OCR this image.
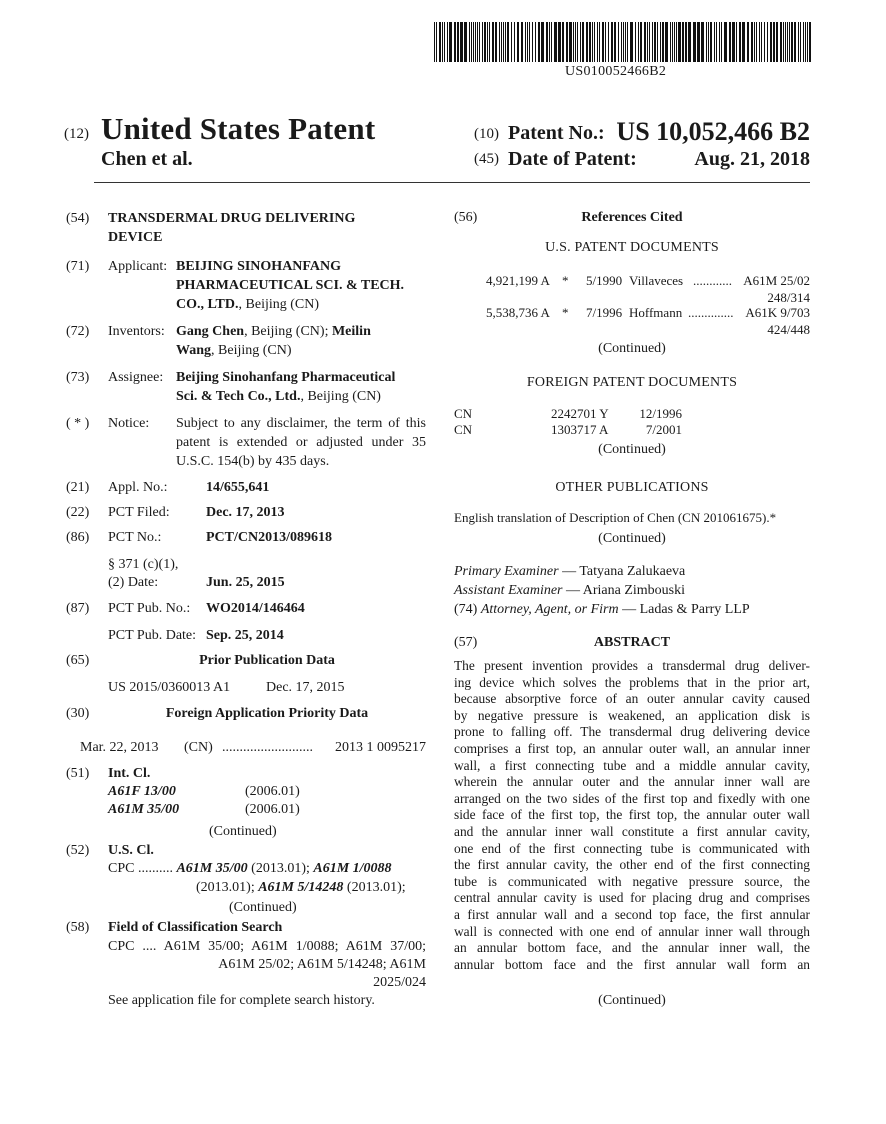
US010052466B2
(12) United States Patent
Chen et al.
(10) Patent No.: US 10,052,466 B2
(45) Date of Patent:	Aug. 21, 2018
(54) TRANSDERMAL DRUG DELIVERING
DEVICE
(71) Applicant: BEIJING SINOHANFANG
PHARMACEUTICAL SCI. & TECH.
CO., LTD., Beijing (CN)
(72) Inventors: Gang Chen, Beijing (CN); Meilin
Wang, Beijing (CN)
(73) Assignee: Beijing Sinohanfang Pharmaceutical
Sci. & Tech Co., Ltd., Beijing (CN)
( * ) Notice: Subject to any disclaimer, the term of this
patent is extended or adjusted under 35
U.S.C. 154(b) by 435 days.
(21) Appl. No.:	14/655,641
(22) PCT Filed:	Dec. 17, 2013
(86) PCT No.:	PCT/CN2013/089618
§ 371 (c)(1),
(2) Date:	Jun. 25, 2015
(87) PCT Pub. No.: WO2014/146464
PCT Pub. Date: Sep. 25, 2014
(65)	Prior Publication Data
US 2015/0360013 A1	Dec. 17, 2015
(30)	Foreign Application Priority Data
Mar. 22, 2013 (CN) ..........................	2013 1 0095217
(51) Int. Cl.
A61F 13/00	(2006.01)
A61M 35/00	(2006.01)
(Continued)
(52) U.S. Cl.
CPC .......... A61M 35/00 (2013.01); A61M 1/0088
(2013.01); A61M 5/14248 (2013.01);
(Continued)
(58) Field of Classification Search
CPC .... A61M 35/00; A61M 1/0088; A61M 37/00;
A61M 25/02; A61M 5/14248; A61M
2025/024
See application file for complete search history.
(56)	References Cited
U.S. PATENT DOCUMENTS
4,921,199 A * 5/1990 Villaveces ............ A61M 25/02
248/314
5,538,736 A * 7/1996 Hoffmann .............. A61K 9/703
424/448
(Continued)
FOREIGN PATENT DOCUMENTS
CN	2242701 Y	12/1996
CN	1303717 A	7/2001
(Continued)
OTHER PUBLICATIONS
English translation of Description of Chen (CN 201061675).*
(Continued)
Primary Examiner — Tatyana Zalukaeva
Assistant Examiner — Ariana Zimbouski
(74) Attorney, Agent, or Firm — Ladas & Parry LLP
(57)	ABSTRACT
The present invention provides a transdermal drug deliver-
ing device which solves the problems that in the prior art,
because absorptive force of an outer annular cavity caused
by negative pressure is weakened, an application disk is
prone to falling off. The transdermal drug delivering device
comprises a first top, an annular outer wall, an annular inner
wall, a first connecting tube and a middle annular cavity,
wherein the annular outer and the annular inner wall are
arranged on the two sides of the first top and fixedly with one
side face of the first top, the first top, the annular outer wall
and the annular inner wall constitute a first annular cavity,
one end of the first connecting tube is communicated with
the first annular cavity, the other end of the first connecting
tube is communicated with negative pressure source, the
central annular cavity is used for placing drug and comprises
a first annular wall and a second top face, the first annular
wall is connected with one end of annular inner wall through
an annular bottom face, and the annular inner wall, the
annular bottom face and the first annular wall form an
(Continued)
